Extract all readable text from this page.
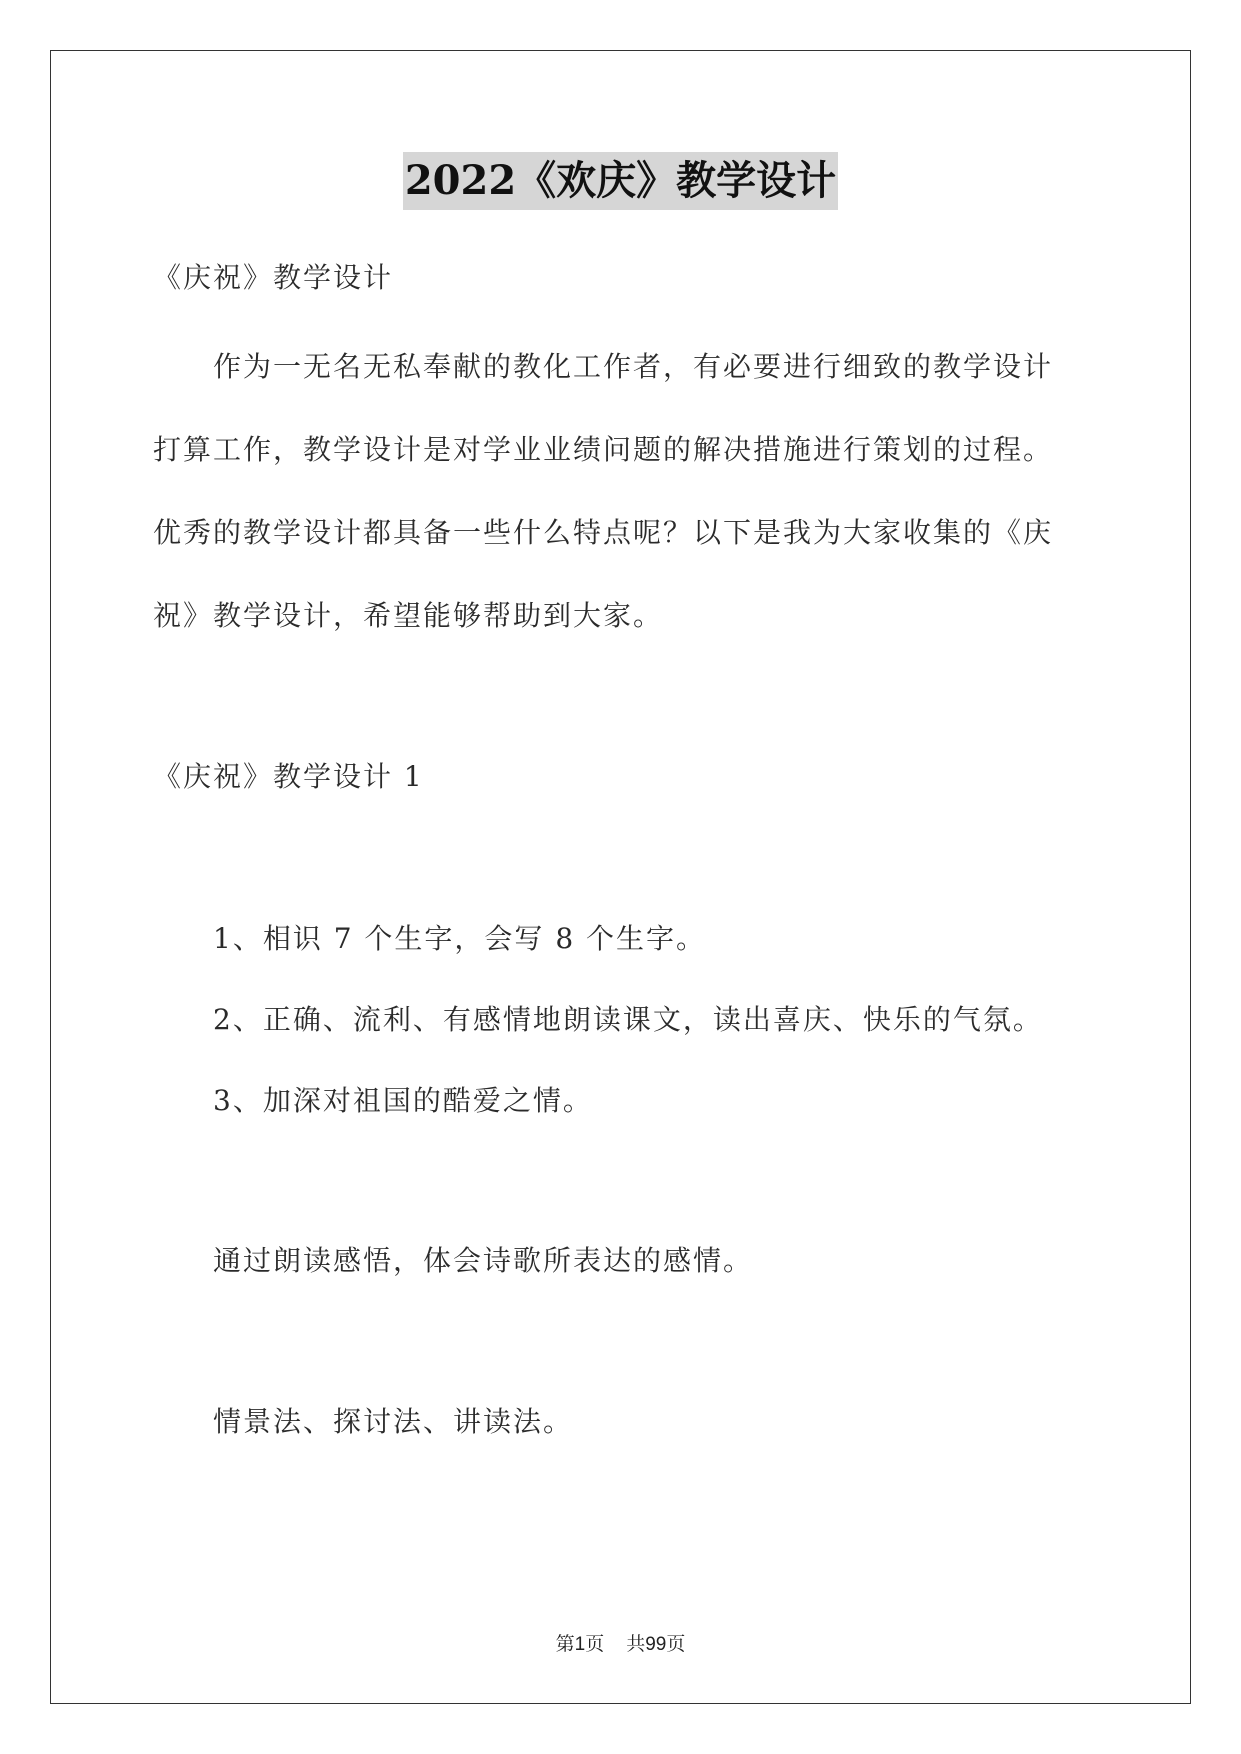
2022《欢庆》教学设计
《庆祝》教学设计
作为一无名无私奉献的教化工作者，有必要进行细致的教学设计
打算工作，教学设计是对学业业绩问题的解决措施进行策划的过程。
优秀的教学设计都具备一些什么特点呢？以下是我为大家收集的《庆
祝》教学设计，希望能够帮助到大家。
《庆祝》教学设计 1
1、相识 7 个生字，会写 8 个生字。
2、正确、流利、有感情地朗读课文，读出喜庆、快乐的气氛。
3、加深对祖国的酷爱之情。
通过朗读感悟，体会诗歌所表达的感情。
情景法、探讨法、讲读法。
第1页 共99页
